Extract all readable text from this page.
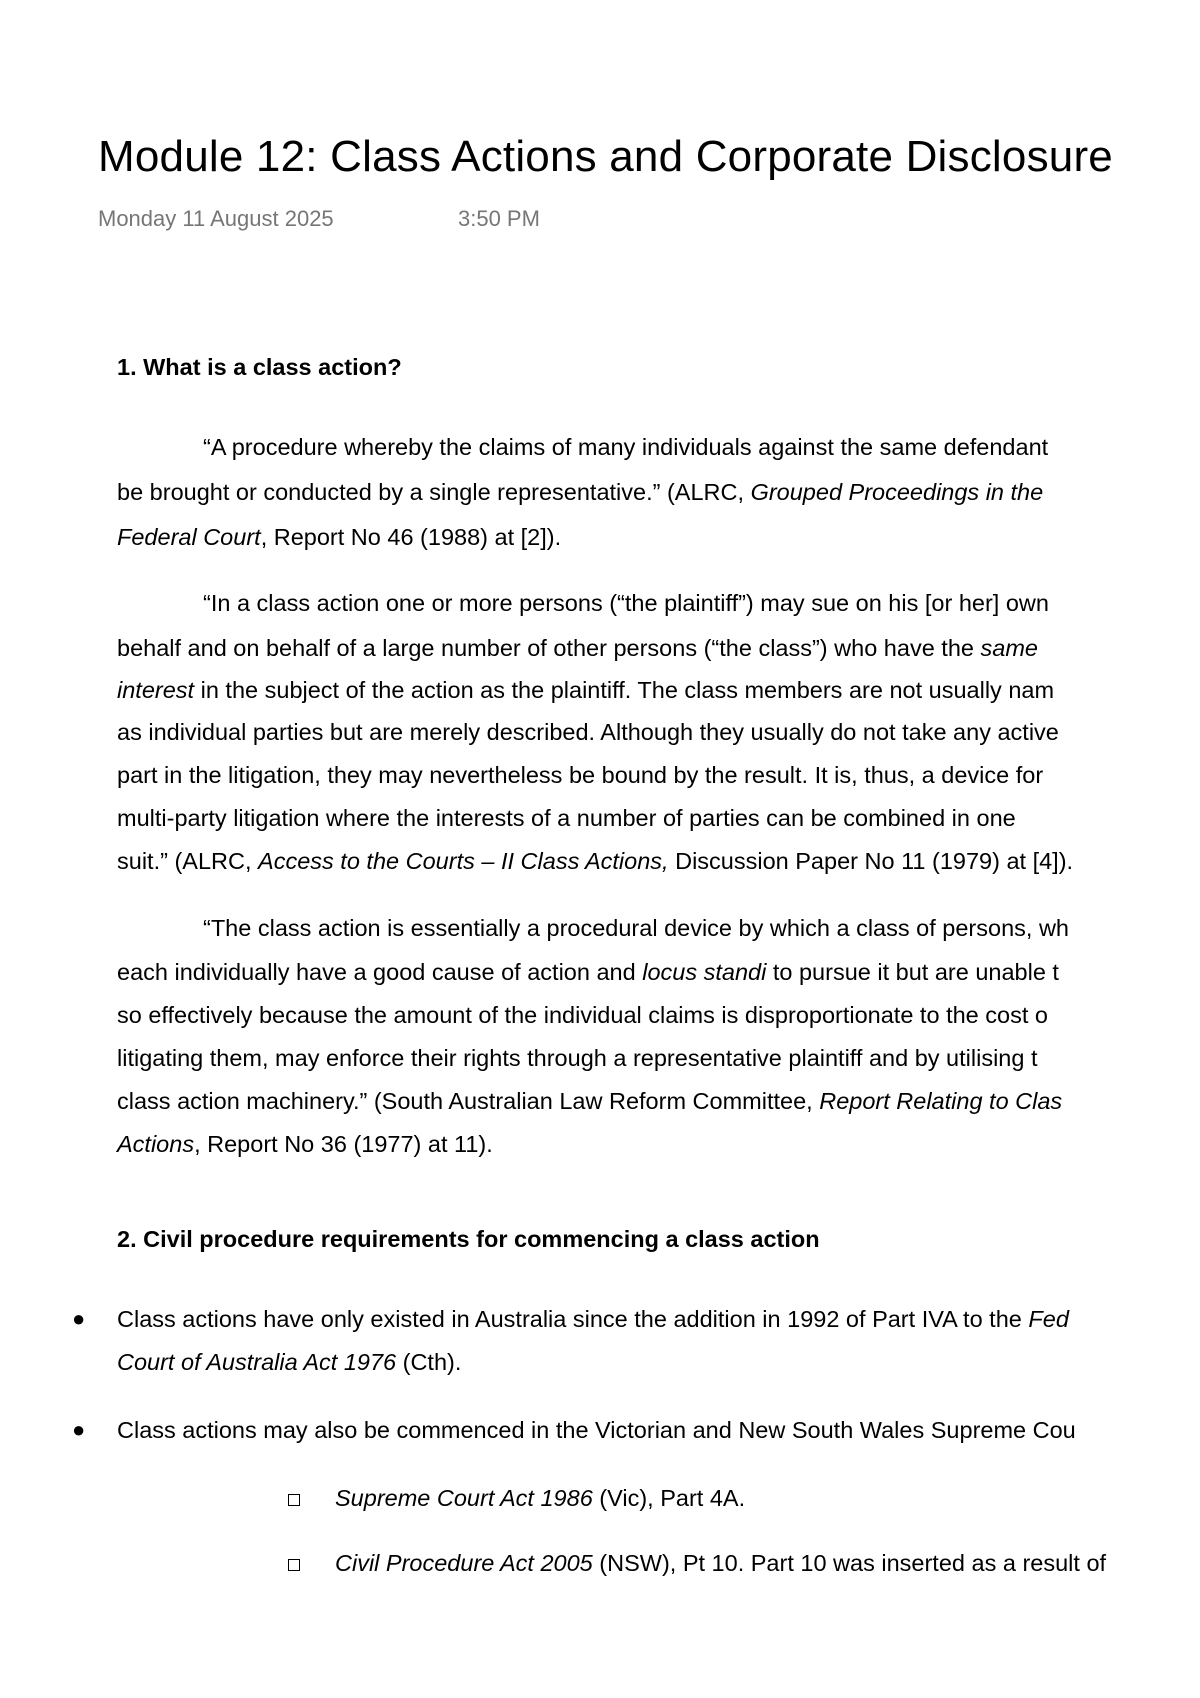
Module 12: Class Actions and Corporate Disclosure
Monday 11 August 2025	3:50 PM
1. What is a class action?
“A procedure whereby the claims of many individuals against the same defendant
be brought or conducted by a single representative.” (ALRC, Grouped Proceedings in the
Federal Court, Report No 46 (1988) at [2]).
“In a class action one or more persons (“the plaintiff”) may sue on his [or her] own
behalf and on behalf of a large number of other persons (“the class”) who have the same
interest in the subject of the action as the plaintiff. The class members are not usually nam
as individual parties but are merely described. Although they usually do not take any active
part in the litigation, they may nevertheless be bound by the result. It is, thus, a device for
multi-party litigation where the interests of a number of parties can be combined in one
suit.” (ALRC, Access to the Courts – II Class Actions, Discussion Paper No 11 (1979) at [4]).
“The class action is essentially a procedural device by which a class of persons, wh
each individually have a good cause of action and locus standi to pursue it but are unable t
so effectively because the amount of the individual claims is disproportionate to the cost o
litigating them, may enforce their rights through a representative plaintiff and by utilising t
class action machinery.” (South Australian Law Reform Committee, Report Relating to Clas
Actions, Report No 36 (1977) at 11).
2. Civil procedure requirements for commencing a class action
● Class actions have only existed in Australia since the addition in 1992 of Part IVA to the Fed
Court of Australia Act 1976 (Cth).
● Class actions may also be commenced in the Victorian and New South Wales Supreme Cou
Supreme Court Act 1986 (Vic), Part 4A.
Civil Procedure Act 2005 (NSW), Pt 10. Part 10 was inserted as a result of
